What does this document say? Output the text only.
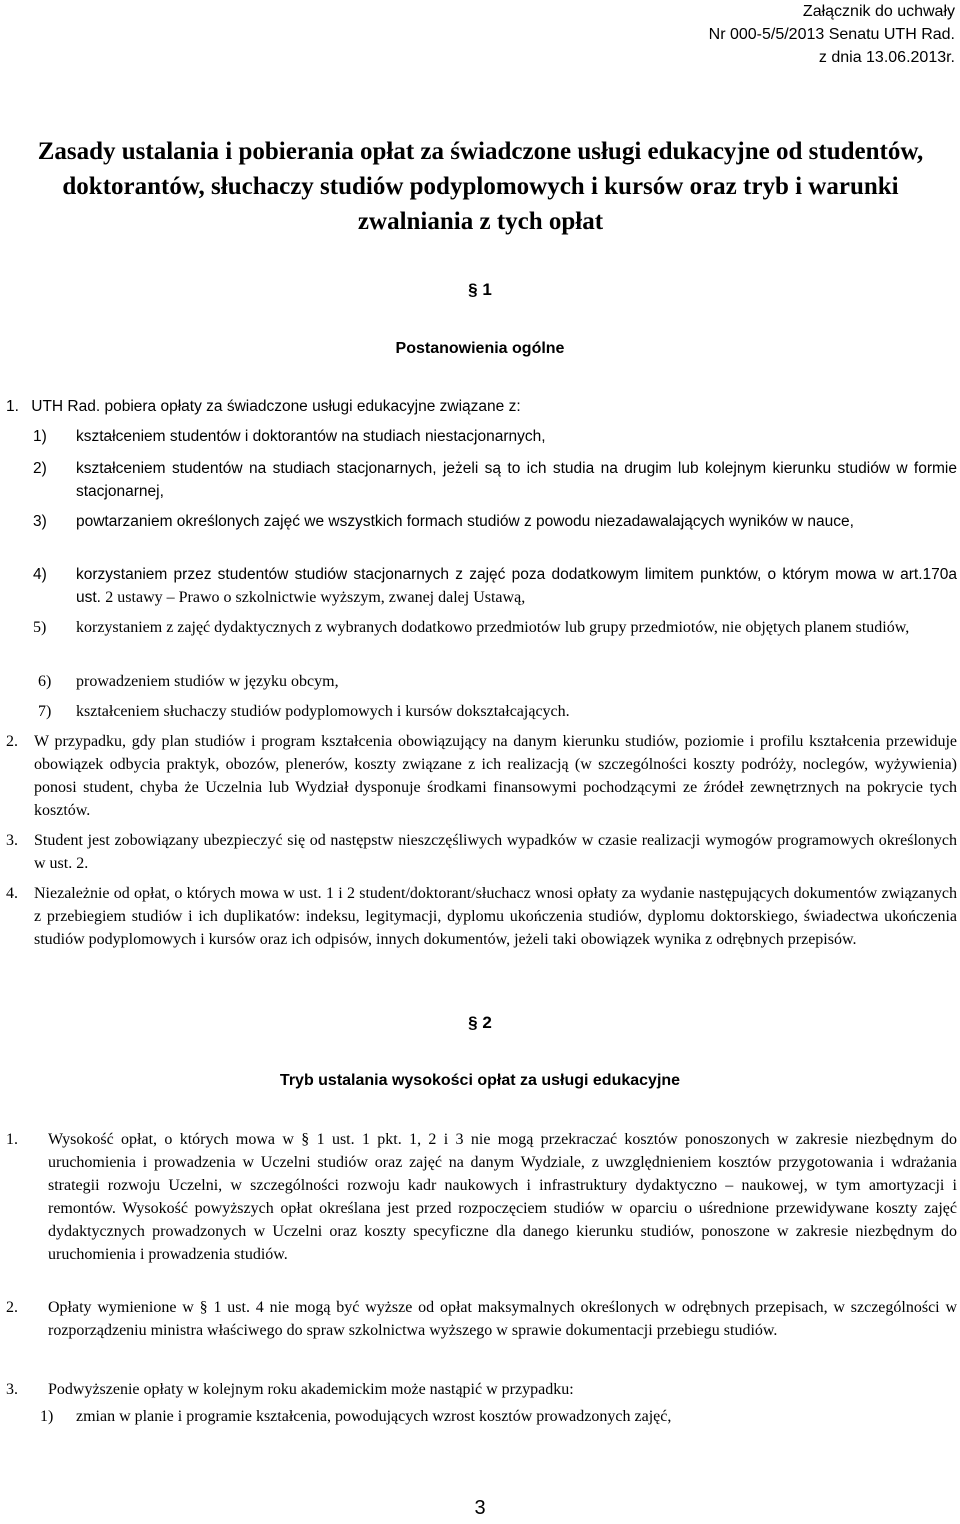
Załącznik do uchwały
Nr 000-5/5/2013 Senatu UTH Rad.
z dnia 13.06.2013r.
Zasady ustalania i pobierania opłat za świadczone usługi edukacyjne od studentów, doktorantów, słuchaczy studiów podyplomowych i kursów oraz tryb i warunki zwalniania z tych opłat
§ 1
Postanowienia ogólne
1. UTH Rad. pobiera opłaty za świadczone usługi edukacyjne związane z:
1) kształceniem studentów i doktorantów na studiach niestacjonarnych,
2) kształceniem studentów na studiach stacjonarnych, jeżeli są to ich studia na drugim lub kolejnym kierunku studiów w formie stacjonarnej,
3) powtarzaniem określonych zajęć we wszystkich formach studiów z powodu niezadawalających wyników w nauce,
4) korzystaniem przez studentów studiów stacjonarnych z zajęć poza dodatkowym limitem punktów, o którym mowa w art.170a ust. 2 ustawy – Prawo o szkolnictwie wyższym, zwanej dalej Ustawą,
5) korzystaniem z zajęć dydaktycznych z wybranych dodatkowo przedmiotów lub grupy przedmiotów, nie objętych planem studiów,
6) prowadzeniem studiów w języku obcym,
7) kształceniem słuchaczy studiów podyplomowych i kursów dokształcających.
2. W przypadku, gdy plan studiów i program kształcenia obowiązujący na danym kierunku studiów, poziomie i profilu kształcenia przewiduje obowiązek odbycia praktyk, obozów, plenerów, koszty związane z ich realizacją (w szczególności koszty podróży, noclegów, wyżywienia) ponosi student, chyba że Uczelnia lub Wydział dysponuje środkami finansowymi pochodzącymi ze źródeł zewnętrznych na pokrycie tych kosztów.
3. Student jest zobowiązany ubezpieczyć się od następstw nieszczęśliwych wypadków w czasie realizacji wymogów programowych określonych w ust. 2.
4. Niezależnie od opłat, o których mowa w ust. 1 i 2 student/doktorant/słuchacz wnosi opłaty za wydanie następujących dokumentów związanych z przebiegiem studiów i ich duplikatów: indeksu, legitymacji, dyplomu ukończenia studiów, dyplomu doktorskiego, świadectwa ukończenia studiów podyplomowych i kursów oraz ich odpisów, innych dokumentów, jeżeli taki obowiązek wynika z odrębnych przepisów.
§ 2
Tryb ustalania wysokości opłat za usługi edukacyjne
1. Wysokość opłat, o których mowa w § 1 ust. 1 pkt. 1, 2 i 3 nie mogą przekraczać kosztów ponoszonych w zakresie niezbędnym do uruchomienia i prowadzenia w Uczelni studiów oraz zajęć na danym Wydziale, z uwzględnieniem kosztów przygotowania i wdrażania strategii rozwoju Uczelni, w szczególności rozwoju kadr naukowych i infrastruktury dydaktyczno – naukowej, w tym amortyzacji i remontów. Wysokość powyższych opłat określana jest przed rozpoczęciem studiów w oparciu o uśrednione przewidywane koszty zajęć dydaktycznych prowadzonych w Uczelni oraz koszty specyficzne dla danego kierunku studiów, ponoszone w zakresie niezbędnym do uruchomienia i prowadzenia studiów.
2. Opłaty wymienione w § 1 ust. 4 nie mogą być wyższe od opłat maksymalnych określonych w odrębnych przepisach, w szczególności w rozporządzeniu ministra właściwego do spraw szkolnictwa wyższego w sprawie dokumentacji przebiegu studiów.
3. Podwyższenie opłaty w kolejnym roku akademickim może nastąpić w przypadku:
1) zmian w planie i programie kształcenia, powodujących wzrost kosztów prowadzonych zajęć,
3
